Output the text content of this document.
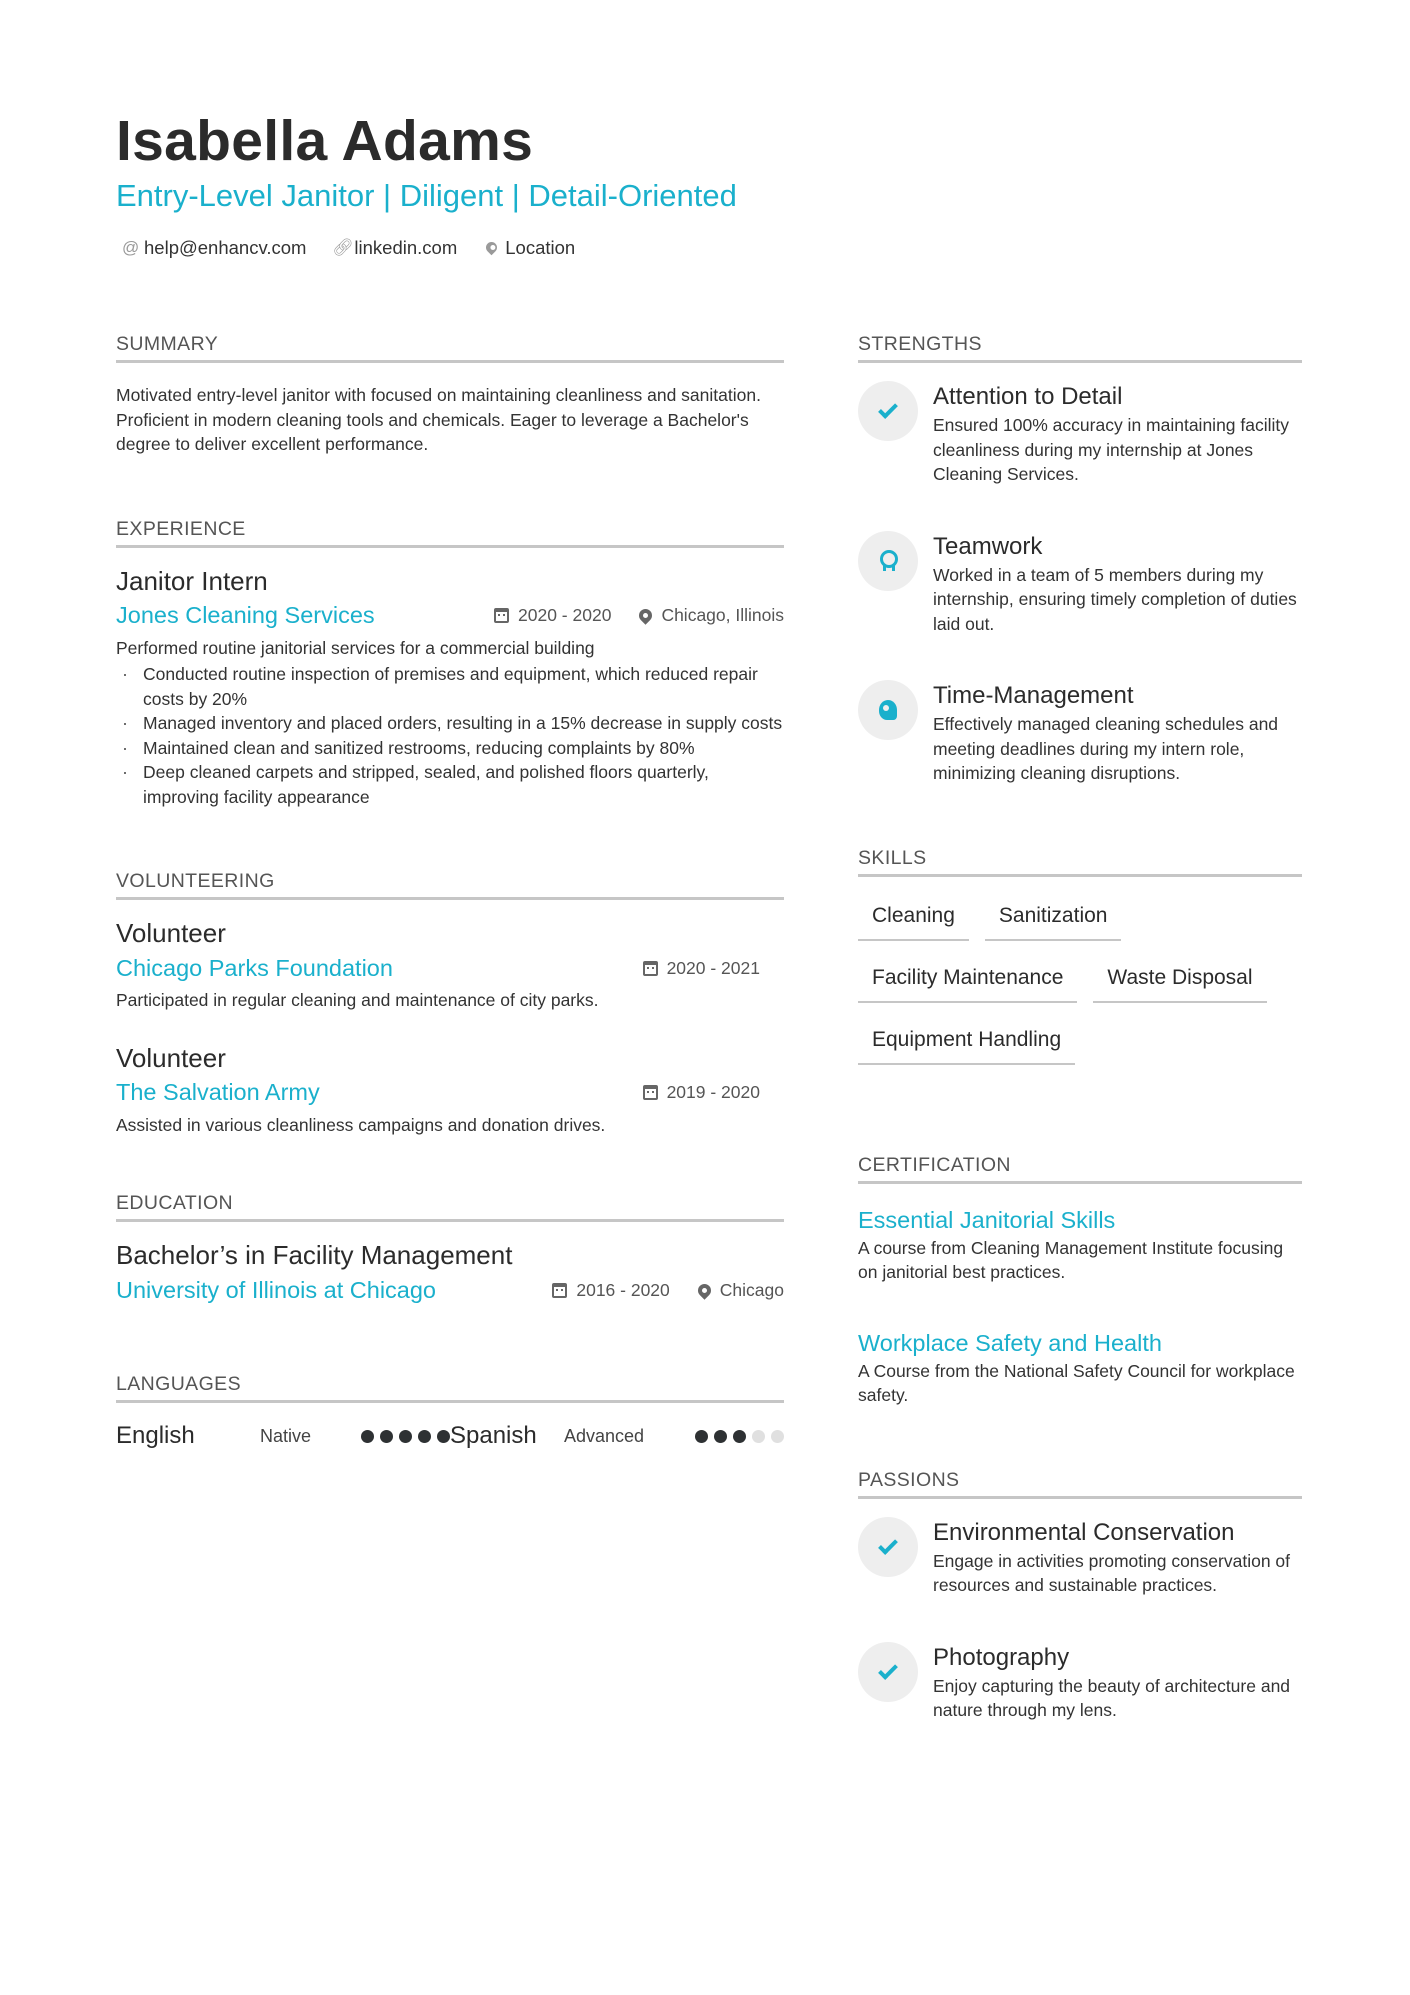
Isabella Adams
Entry-Level Janitor | Diligent | Detail-Oriented
@ help@enhancv.com 🔗︎ linkedin.com	Location
SUMMARY
Motivated entry-level janitor with focused on maintaining cleanliness and sanitation. Proficient in modern cleaning tools and chemicals. Eager to leverage a Bachelor's degree to deliver excellent performance.
EXPERIENCE
Janitor Intern
Jones Cleaning Services	2020 - 2020	Chicago, Illinois
Performed routine janitorial services for a commercial building
· Conducted routine inspection of premises and equipment, which reduced repair costs by 20%
· Managed inventory and placed orders, resulting in a 15% decrease in supply costs
· Maintained clean and sanitized restrooms, reducing complaints by 80%
· Deep cleaned carpets and stripped, sealed, and polished floors quarterly, improving facility appearance
VOLUNTEERING
Volunteer
Chicago Parks Foundation	2020 - 2021
Participated in regular cleaning and maintenance of city parks.
Volunteer
The Salvation Army	2019 - 2020
Assisted in various cleanliness campaigns and donation drives.
EDUCATION
Bachelor’s in Facility Management
University of Illinois at Chicago	2016 - 2020	Chicago
LANGUAGES
English	Native	Spanish	Advanced
STRENGTHS
Attention to Detail
Ensured 100% accuracy in maintaining facility cleanliness during my internship at Jones Cleaning Services.
Teamwork
Worked in a team of 5 members during my internship, ensuring timely completion of duties laid out.
Time-Management
Effectively managed cleaning schedules and meeting deadlines during my intern role, minimizing cleaning disruptions.
SKILLS
Cleaning	Sanitization
Facility Maintenance	Waste Disposal
Equipment Handling
CERTIFICATION
Essential Janitorial Skills
A course from Cleaning Management Institute focusing on janitorial best practices.
Workplace Safety and Health
A Course from the National Safety Council for workplace safety.
PASSIONS
Environmental Conservation
Engage in activities promoting conservation of resources and sustainable practices.
Photography
Enjoy capturing the beauty of architecture and nature through my lens.
